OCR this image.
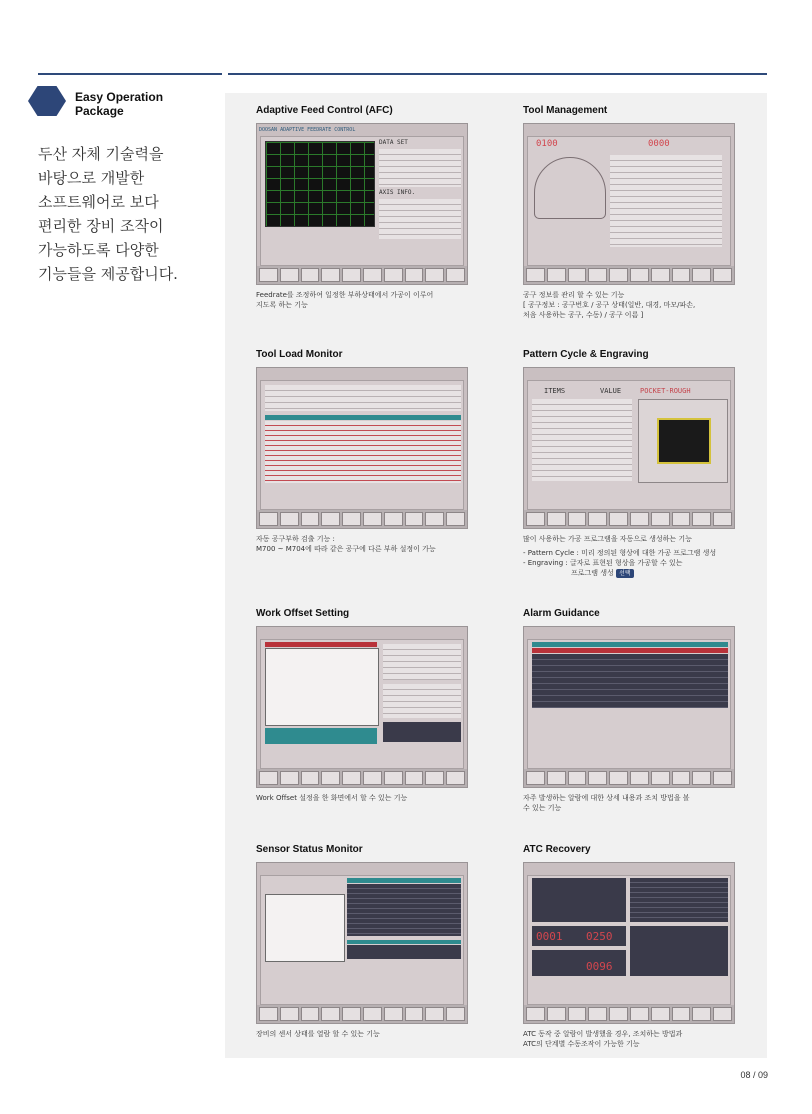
Easy Operation Package
두산 자체 기술력을
바탕으로 개발한
소프트웨어로 보다
편리한 장비 조작이
가능하도록 다양한
기능들을 제공합니다.
Adaptive Feed Control (AFC)
DOOSAN ADAPTIVE FEEDRATE CONTROL
DATA SET
AXIS INFO.
Feedrate를 조정하여 일정한 부하상태에서 가공이 이루어
지도록 하는 기능
Tool Management
0100	0000
공구 정보를 관리 할 수 있는 기능
[ 공구정보 : 공구번호 / 공구 상태(일반, 대경, 마모/파손,
처음 사용하는 공구, 수동) / 공구 이름 ]
Tool Load Monitor
자동 공구부하 검출 기능 :
M700 ~ M704에 따라 같은 공구에 다른 부하 설정이 가능
Pattern Cycle & Engraving
ITEMS	VALUE	POCKET-ROUGH
많이 사용하는 가공 프로그램을 자동으로 생성하는 기능
- Pattern Cycle : 미리 정의된 형상에 대한 가공 프로그램 생성
- Engraving : 글자로 표현된 형상을 가공할 수 있는
프로그램 생성 선택
Work Offset Setting
Work Offset 설정을 한 화면에서 할 수 있는 기능
Alarm Guidance
자주 발생하는 알람에 대한 상세 내용과 조치 방법을 볼
수 있는 기능
Sensor Status Monitor
장비의 센서 상태를 열람 할 수 있는 기능
ATC Recovery
0001 0250
0096
ATC 동작 중 알람이 발생했을 경우, 조치하는 방법과
ATC의 단계별 수동조작이 가능한 기능
08 / 09
